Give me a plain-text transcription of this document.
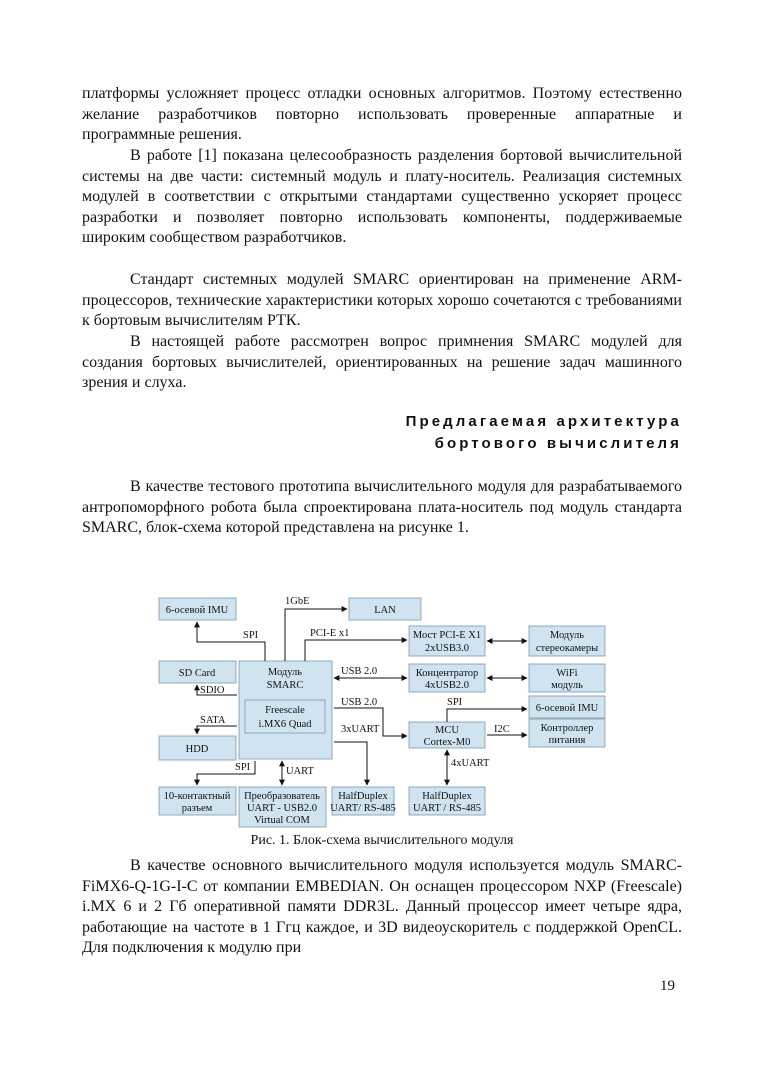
платформы усложняет процесс отладки основных алгоритмов. Поэтому естественно желание разработчиков повторно использовать проверенные аппаратные и программные решения.

В работе [1] показана целесообразность разделения бортовой вычислительной системы на две части: системный модуль и плату-носитель. Реализация системных модулей в соответствии с открытыми стандартами существенно ускоряет процесс разработки и позволяет повторно использовать компоненты, поддерживаемые широким сообществом разработчиков.

Стандарт системных модулей SMARC ориентирован на применение ARM-процессоров, технические характеристики которых хорошо сочетаются с требованиями к бортовым вычислителям РТК.

В настоящей работе рассмотрен вопрос примнения SMARC модулей для создания бортовых вычислителей, ориентированных на решение задач машинного зрения и слуха.

Предлагаемая архитектура

бортового вычислителя

В качестве тестового прототипа вычислительного модуля для разрабатываемого антропоморфного робота была спроектирована плата-носитель под модуль стандарта SMARC, блок-схема которой представлена на рисунке 1.

6-осевой IMU	LAN
Мост PCI-E X1
2xUSB3.0
Модуль
стереокамеры
SD Card	Модуль
SMARC
Freescale
i.MX6 Quad
Концентратор
4xUSB2.0
WiFi
модуль
6-осевой IMU
HDD
MCU
Cortex-M0
Контроллер
питания
10-контактный
разъем
Преобразователь
UART - USB2.0
Virtual COM
HalfDuplex
UART/ RS-485
HalfDuplex
UART / RS-485
1GbE
SPI	PCI-E x1
USB 2.0
SDIO
SATA
USB 2.0	SPI
3xUART	I2C
SPI	UART
4xUART
Рис. 1. Блок-схема вычислительного модуля

В качестве основного вычислительного модуля используется модуль SMARC-FiMX6-Q-1G-I-C от компании EMBEDIAN. Он оснащен процессором NXP (Freescale) i.MX 6 и 2 Гб оперативной памяти DDR3L. Данный процессор имеет четыре ядра, работающие на частоте в 1 Ггц каждое, и 3D видеоускоритель с поддержкой OpenCL. Для подключения к модулю при

19
